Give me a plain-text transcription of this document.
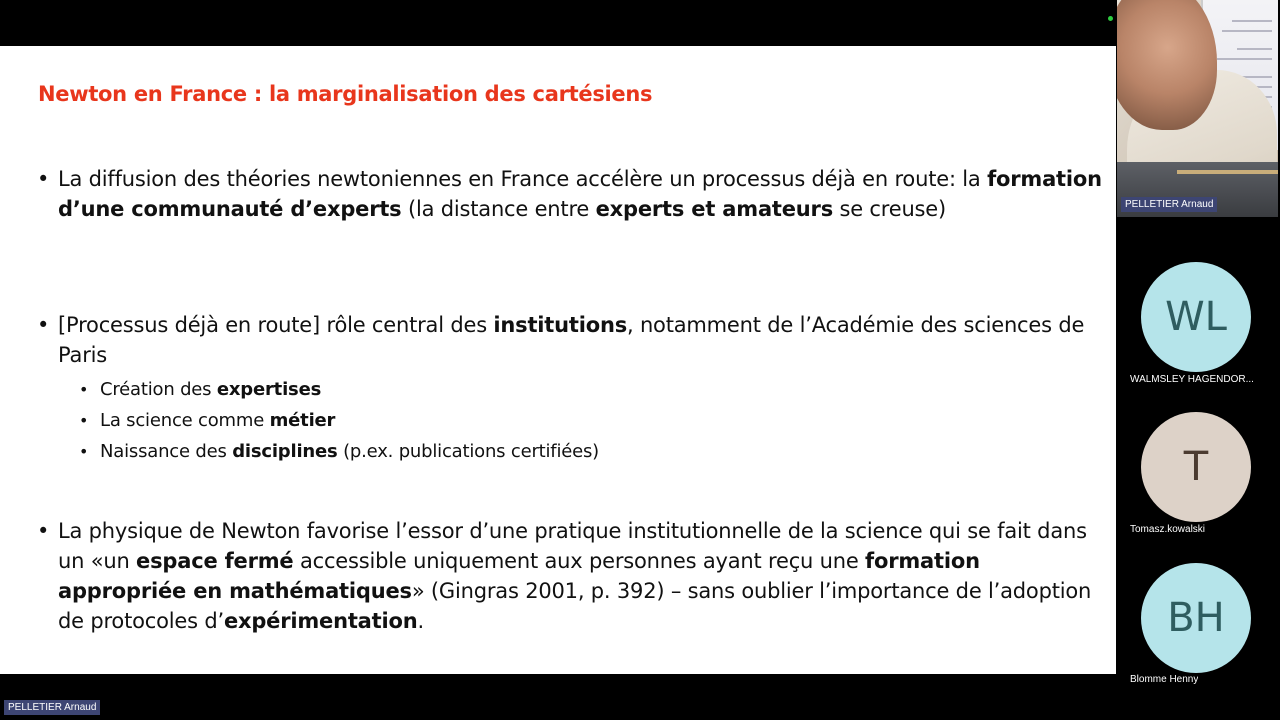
Newton en France : la marginalisation des cartésiens
• La diffusion des théories newtoniennes en France accélère un processus déjà en route: la formation d’une communauté d’experts (la distance entre experts et amateurs se creuse)
• [Processus déjà en route] rôle central des institutions, notamment de l’Académie des sciences de Paris
• Création des expertises
• La science comme métier
• Naissance des disciplines (p.ex. publications certifiées)
• La physique de Newton favorise l’essor d’une pratique institutionnelle de la science qui se fait dans un «un espace fermé accessible uniquement aux personnes ayant reçu une formation appropriée en mathématiques» (Gingras 2001, p. 392) – sans oublier l’importance de l’adoption de protocoles d’expérimentation.
PELLETIER Arnaud
WL
WALMSLEY HAGENDOR...
T
Tomasz.kowalski
BH
Blomme Henny
PELLETIER Arnaud
